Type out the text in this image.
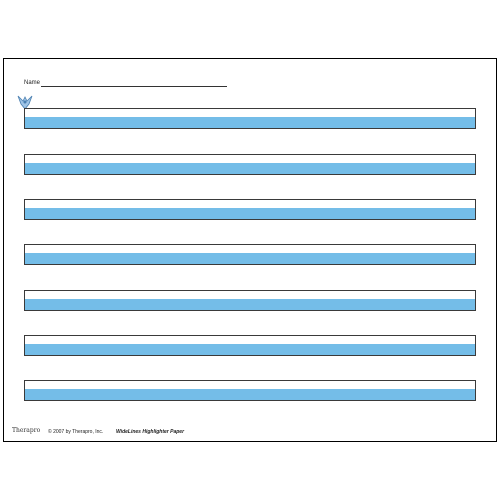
Name
Therapro © 2007 by Therapro, Inc.	WideLines Highlighter Paper
